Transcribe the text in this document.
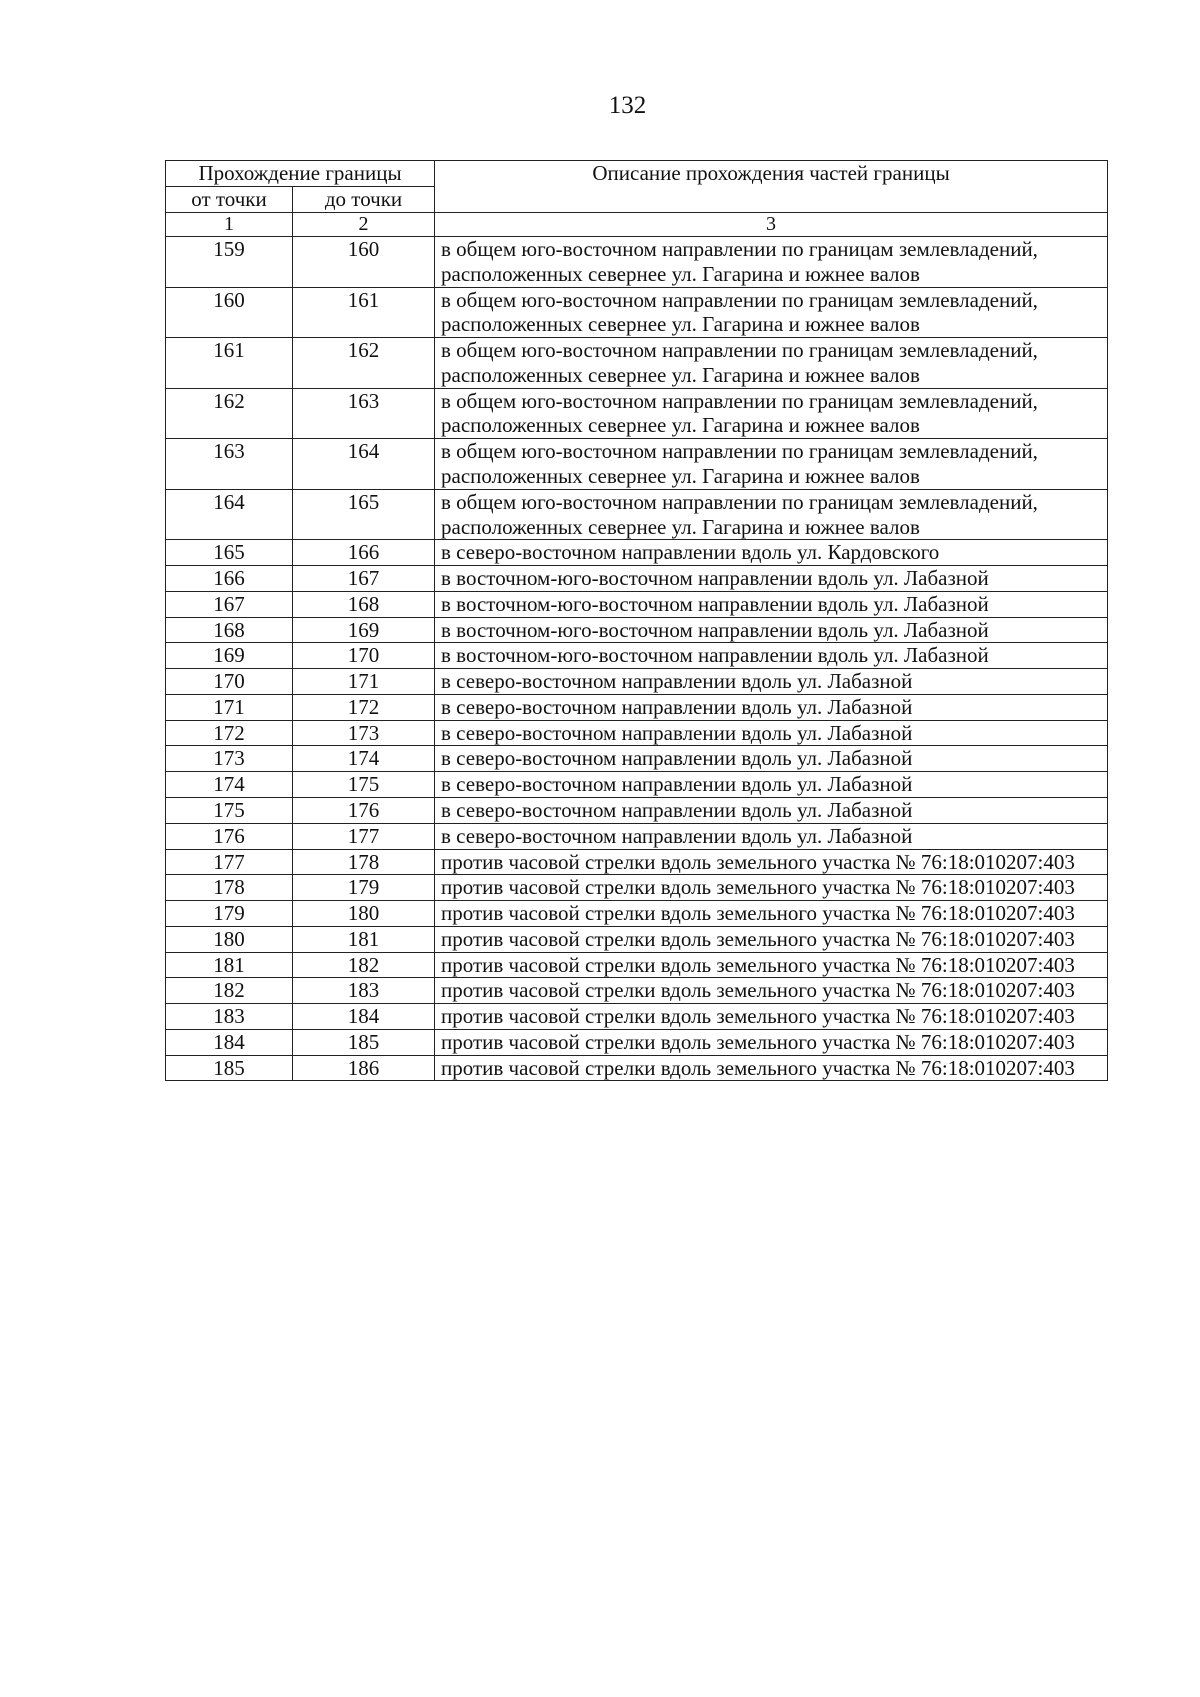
132
Прохождение границы		Описание прохождения частей границы
от точки	до точки	
1	2	3
159	160	в общем юго-восточном направлении по границам землевладений, расположенных севернее ул. Гагарина и южнее валов
160	161	в общем юго-восточном направлении по границам землевладений, расположенных севернее ул. Гагарина и южнее валов
161	162	в общем юго-восточном направлении по границам землевладений, расположенных севернее ул. Гагарина и южнее валов
162	163	в общем юго-восточном направлении по границам землевладений, расположенных севернее ул. Гагарина и южнее валов
163	164	в общем юго-восточном направлении по границам землевладений, расположенных севернее ул. Гагарина и южнее валов
164	165	в общем юго-восточном направлении по границам землевладений, расположенных севернее ул. Гагарина и южнее валов
165	166	в северо-восточном направлении вдоль ул. Кардовского
166	167	в восточном-юго-восточном направлении вдоль ул. Лабазной
167	168	в восточном-юго-восточном направлении вдоль ул. Лабазной
168	169	в восточном-юго-восточном направлении вдоль ул. Лабазной
169	170	в восточном-юго-восточном направлении вдоль ул. Лабазной
170	171	в северо-восточном направлении вдоль ул. Лабазной
171	172	в северо-восточном направлении вдоль ул. Лабазной
172	173	в северо-восточном направлении вдоль ул. Лабазной
173	174	в северо-восточном направлении вдоль ул. Лабазной
174	175	в северо-восточном направлении вдоль ул. Лабазной
175	176	в северо-восточном направлении вдоль ул. Лабазной
176	177	в северо-восточном направлении вдоль ул. Лабазной
177	178	против часовой стрелки вдоль земельного участка № 76:18:010207:403
178	179	против часовой стрелки вдоль земельного участка № 76:18:010207:403
179	180	против часовой стрелки вдоль земельного участка № 76:18:010207:403
180	181	против часовой стрелки вдоль земельного участка № 76:18:010207:403
181	182	против часовой стрелки вдоль земельного участка № 76:18:010207:403
182	183	против часовой стрелки вдоль земельного участка № 76:18:010207:403
183	184	против часовой стрелки вдоль земельного участка № 76:18:010207:403
184	185	против часовой стрелки вдоль земельного участка № 76:18:010207:403
185	186	против часовой стрелки вдоль земельного участка № 76:18:010207:403
